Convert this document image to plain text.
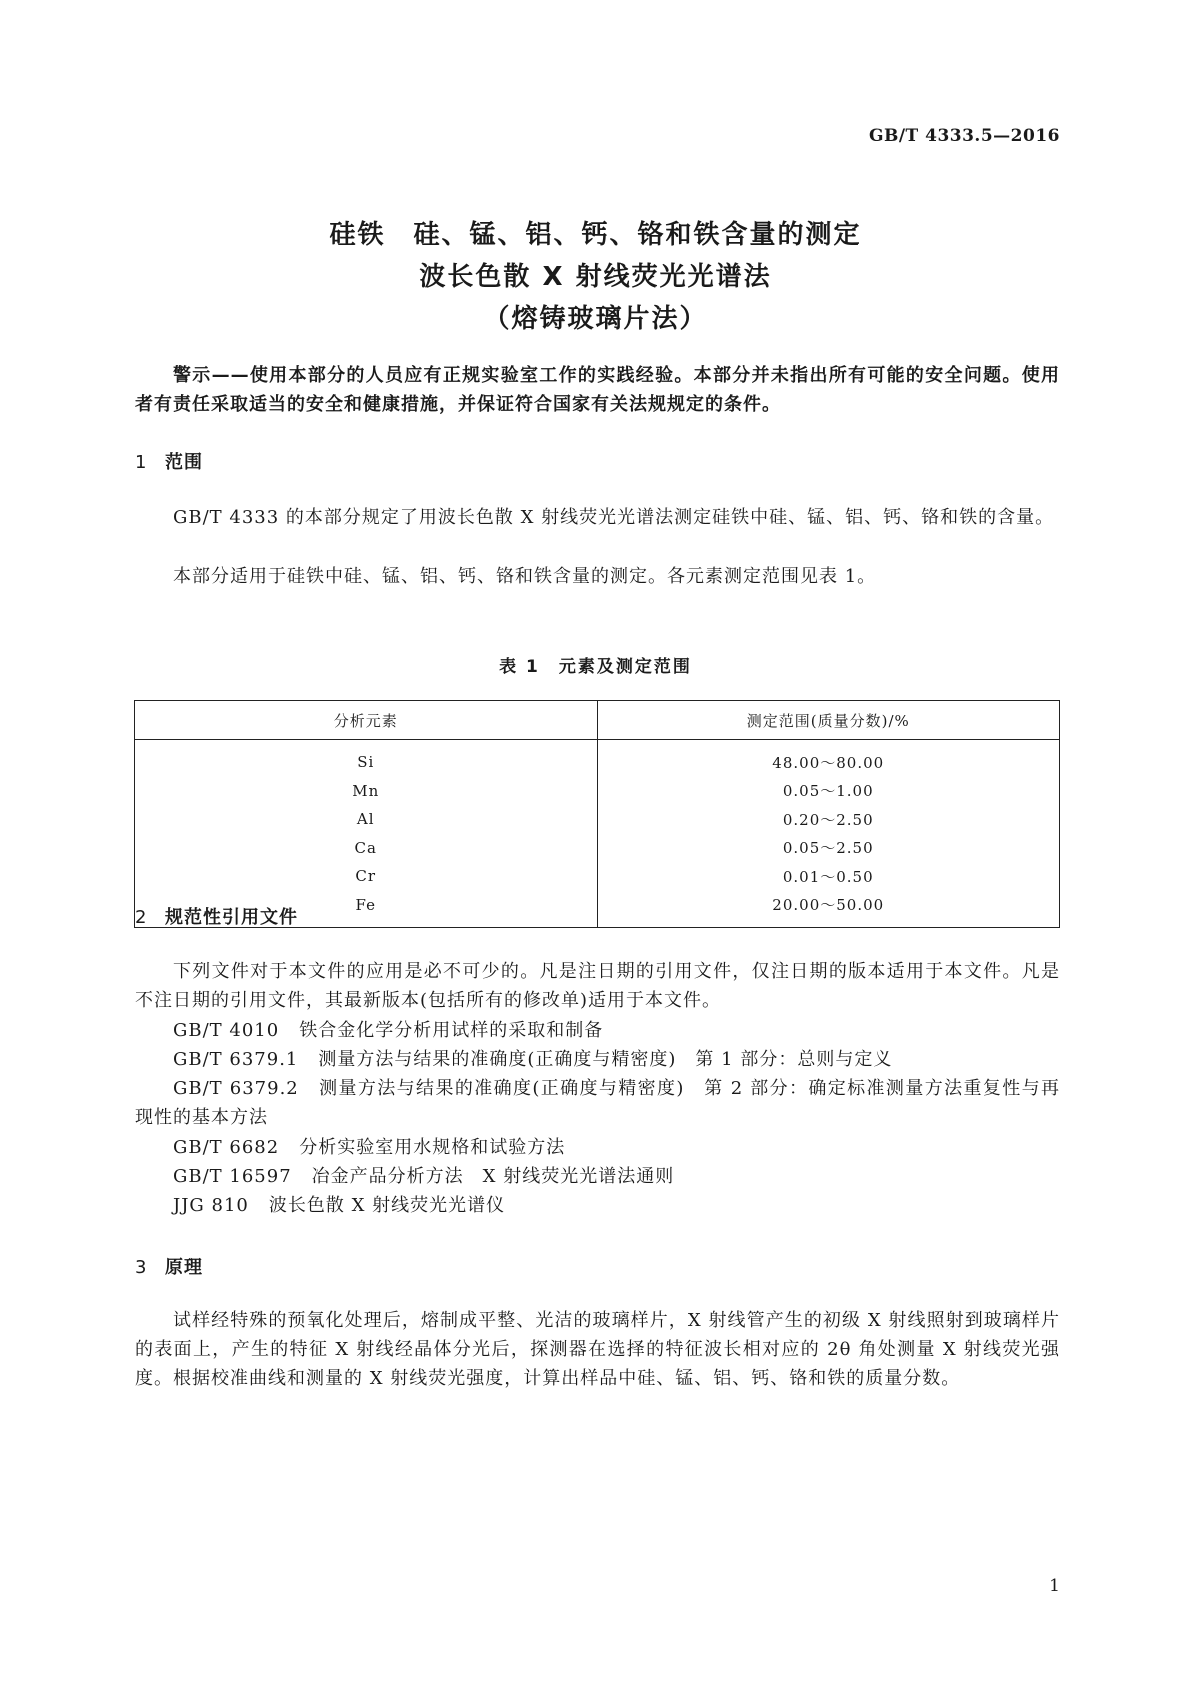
GB/T 4333.5—2016
硅铁　硅、锰、铝、钙、铬和铁含量的测定
波长色散 X 射线荧光光谱法
（熔铸玻璃片法）
警示——使用本部分的人员应有正规实验室工作的实践经验。本部分并未指出所有可能的安全问题。使用者有责任采取适当的安全和健康措施，并保证符合国家有关法规规定的条件。
1 范围
GB/T 4333 的本部分规定了用波长色散 X 射线荧光光谱法测定硅铁中硅、锰、铝、钙、铬和铁的含量。
本部分适用于硅铁中硅、锰、铝、钙、铬和铁含量的测定。各元素测定范围见表 1。
表 1　元素及测定范围
分析元素	测定范围(质量分数)/%
Si	48.00～80.00
Mn	0.05～1.00
Al	0.20～2.50
Ca	0.05～2.50
Cr	0.01～0.50
Fe	20.00～50.00
2 规范性引用文件
下列文件对于本文件的应用是必不可少的。凡是注日期的引用文件，仅注日期的版本适用于本文件。凡是不注日期的引用文件，其最新版本(包括所有的修改单)适用于本文件。
GB/T 4010 铁合金化学分析用试样的采取和制备
GB/T 6379.1 测量方法与结果的准确度(正确度与精密度)　第 1 部分：总则与定义
GB/T 6379.2 测量方法与结果的准确度(正确度与精密度)　第 2 部分：确定标准测量方法重复性与再现性的基本方法
GB/T 6682 分析实验室用水规格和试验方法
GB/T 16597 冶金产品分析方法　X 射线荧光光谱法通则
JJG 810 波长色散 X 射线荧光光谱仪
3 原理
试样经特殊的预氧化处理后，熔制成平整、光洁的玻璃样片，X 射线管产生的初级 X 射线照射到玻璃样片的表面上，产生的特征 X 射线经晶体分光后，探测器在选择的特征波长相对应的 2θ 角处测量 X 射线荧光强度。根据校准曲线和测量的 X 射线荧光强度，计算出样品中硅、锰、铝、钙、铬和铁的质量分数。
1
